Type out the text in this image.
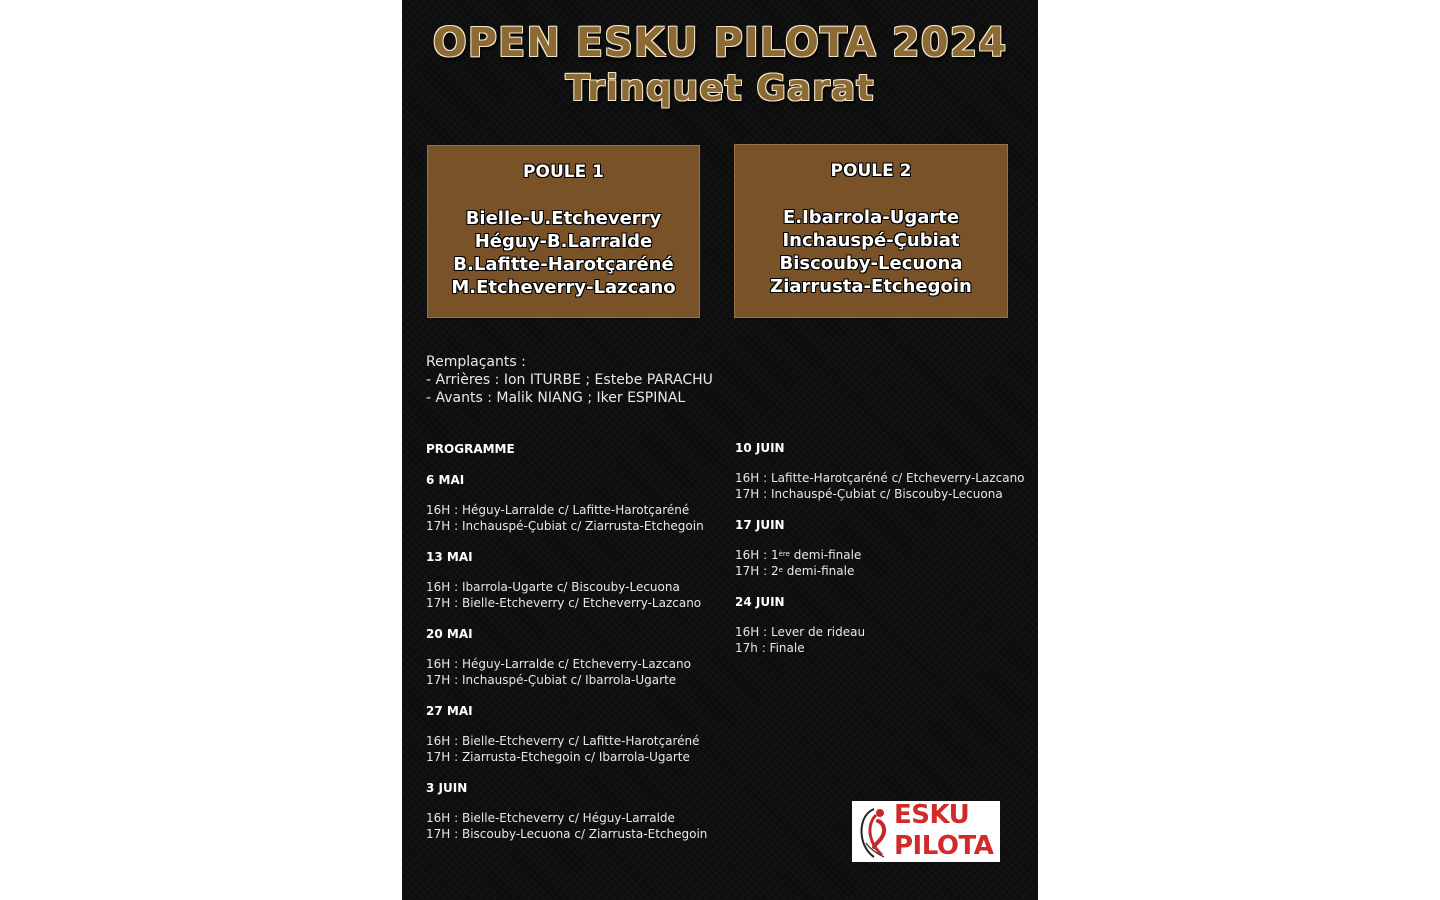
OPEN ESKU PILOTA 2024
Trinquet Garat
POULE 1
Bielle-U.Etcheverry
Héguy-B.Larralde
B.Lafitte-Harotçaréné
M.Etcheverry-Lazcano
POULE 2
E.Ibarrola-Ugarte
Inchauspé-Çubiat
Biscouby-Lecuona
Ziarrusta-Etchegoin
Remplaçants :
- Arrières : Ion ITURBE ; Estebe PARACHU
- Avants : Malik NIANG ; Iker ESPINAL
PROGRAMME
6 MAI
16H : Héguy-Larralde c/ Lafitte-Harotçaréné
17H : Inchauspé-Çubiat c/ Ziarrusta-Etchegoin
13 MAI
16H : Ibarrola-Ugarte c/ Biscouby-Lecuona
17H : Bielle-Etcheverry c/ Etcheverry-Lazcano
20 MAI
16H : Héguy-Larralde c/ Etcheverry-Lazcano
17H : Inchauspé-Çubiat c/ Ibarrola-Ugarte
27 MAI
16H : Bielle-Etcheverry c/ Lafitte-Harotçaréné
17H : Ziarrusta-Etchegoin c/ Ibarrola-Ugarte
3 JUIN
16H : Bielle-Etcheverry c/ Héguy-Larralde
17H : Biscouby-Lecuona c/ Ziarrusta-Etchegoin
10 JUIN
16H : Lafitte-Harotçaréné c/ Etcheverry-Lazcano
17H : Inchauspé-Çubiat c/ Biscouby-Lecuona
17 JUIN
16H : 1ère demi-finale
17H : 2e demi-finale
24 JUIN
16H : Lever de rideau
17h : Finale
ESKU
PILOTA
